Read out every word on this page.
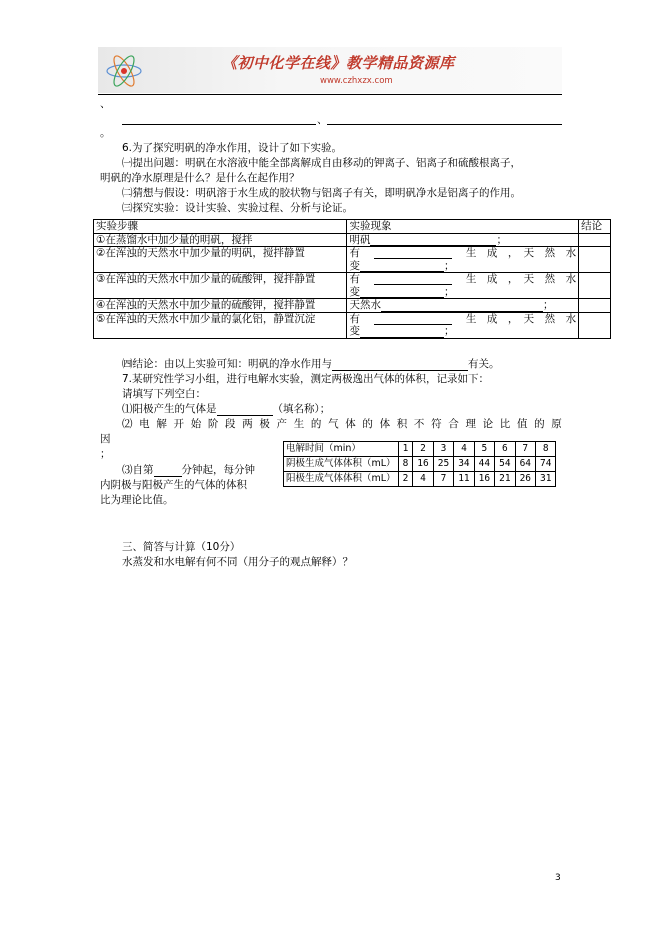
《初中化学在线》教学精品资源库
www.czhxzx.com
、
、
。
6.为了探究明矾的净水作用，设计了如下实验。
㈠提出问题：明矾在水溶液中能全部离解成自由移动的钾离子、铝离子和硫酸根离子，
明矾的净水原理是什么？是什么在起作用？
㈡猜想与假设：明矾溶于水生成的胶状物与铝离子有关，即明矾净水是铝离子的作用。
㈢探究实验：设计实验、实验过程、分析与论证。
实验步骤	实验现象	结论
①在蒸馏水中加少量的明矾，搅拌	明矾 ；	
②在浑浊的天然水中加少量的明矾，搅拌静置	有 生　成　，　天　然　水
变 ；	

③在浑浊的天然水中加少量的硫酸钾，搅拌静置	有 生　成　，　天　然　水
变 ；	

④在浑浊的天然水中加少量的硫酸钾，搅拌静置	天然水 ；	
⑤在浑浊的天然水中加少量的氯化铝，静置沉淀	有 生　成　，　天　然　水
变 ；	

㈣结论：由以上实验可知：明矾的净水作用与	有关。
7.某研究性学习小组，进行电解水实验，测定两极逸出气体的体积，记录如下：
请填写下列空白：
⑴阳极产生的气体是	（填名称）；
⑵ 电 解 开 始 阶 段 两 极 产 生 的 气 体 的 体 积 不 符 合 理 论 比 值 的 原
因
；
⑶自第	分钟起，每分钟
内阴极与阳极产生的气体的体积
比为理论比值。
电解时间（min）	1	2	3	4	5	6	7	8
阴极生成气体体积（mL）	8	16	25	34	44	54	64	74
阳极生成气体体积（mL）	2	4	7	11	16	21	26	31
三、简答与计算（10分）
水蒸发和水电解有何不同（用分子的观点解释）？
3
